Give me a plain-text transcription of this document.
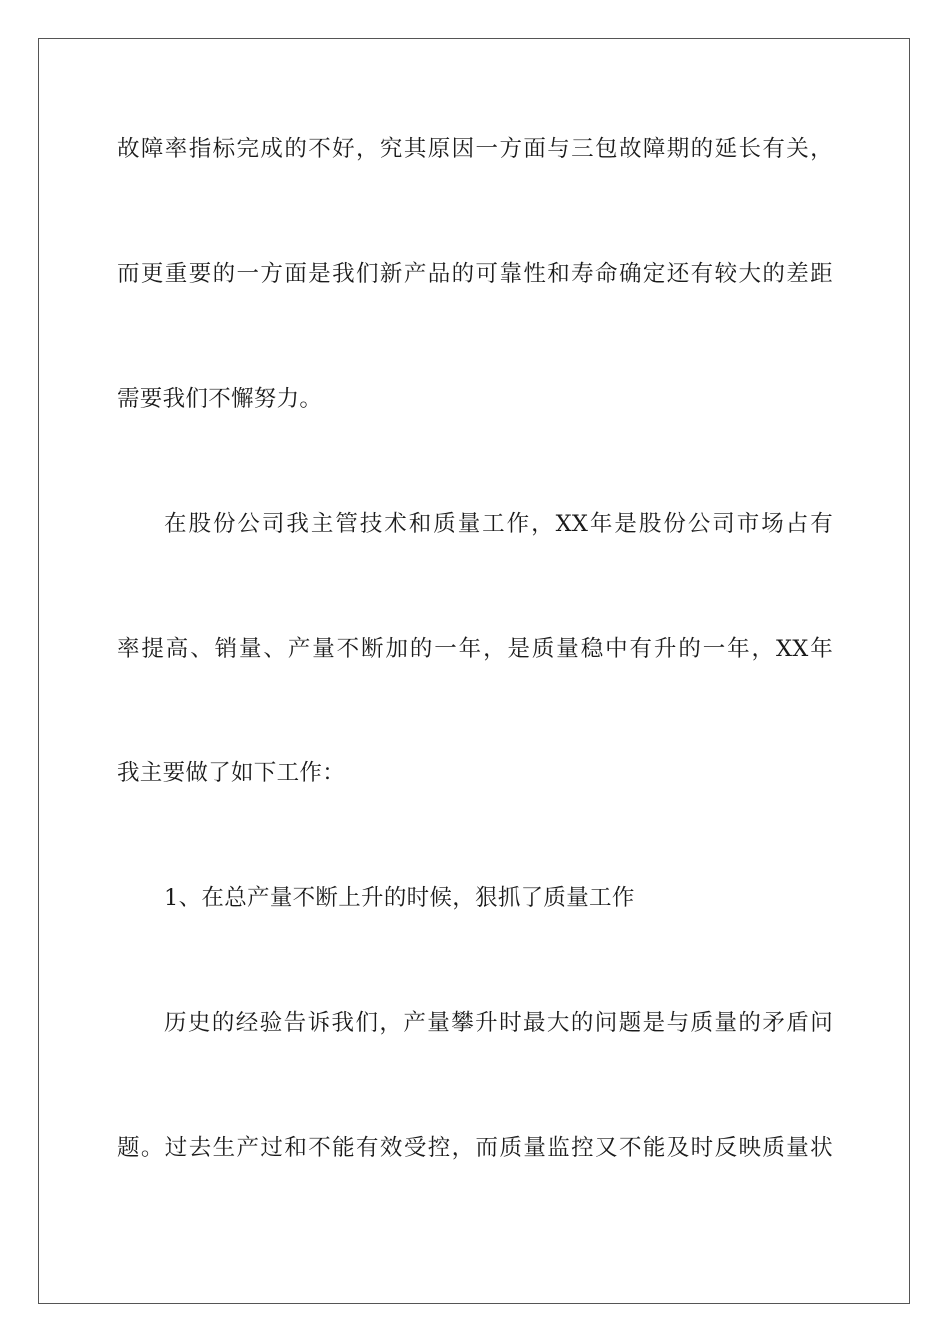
故障率指标完成的不好，究其原因一方面与三包故障期的延长有关，
而更重要的一方面是我们新产品的可靠性和寿命确定还有较大的差距
需要我们不懈努力。
在股份公司我主管技术和质量工作，XX年是股份公司市场占有
率提高、销量、产量不断加的一年，是质量稳中有升的一年，XX年
我主要做了如下工作：
1、在总产量不断上升的时候，狠抓了质量工作
历史的经验告诉我们，产量攀升时最大的问题是与质量的矛盾问
题。过去生产过和不能有效受控，而质量监控又不能及时反映质量状
